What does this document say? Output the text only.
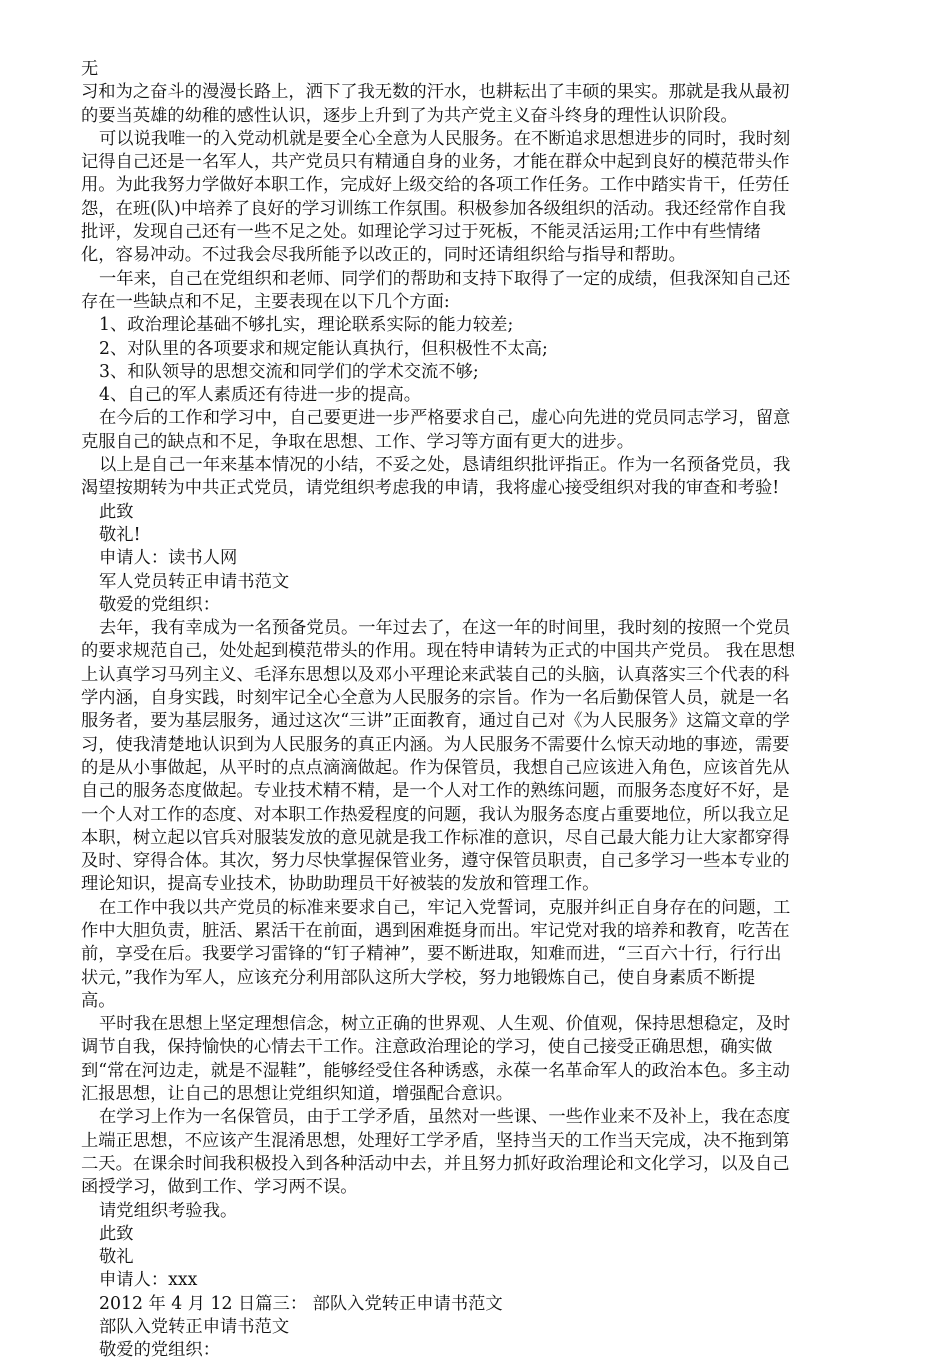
无

习和为之奋斗的漫漫长路上，洒下了我无数的汗水，也耕耘出了丰硕的果实。那就是我从最初

的要当英雄的幼稚的感性认识，逐步上升到了为共产党主义奋斗终身的理性认识阶段。

可以说我唯一的入党动机就是要全心全意为人民服务。在不断追求思想进步的同时，我时刻

记得自己还是一名军人，共产党员只有精通自身的业务，才能在群众中起到良好的模范带头作

用。为此我努力学做好本职工作，完成好上级交给的各项工作任务。工作中踏实肯干，任劳任

怨，在班(队)中培养了良好的学习训练工作氛围。积极参加各级组织的活动。我还经常作自我

批评，发现自己还有一些不足之处。如理论学习过于死板，不能灵活运用;工作中有些情绪

化，容易冲动。不过我会尽我所能予以改正的，同时还请组织给与指导和帮助。

一年来，自己在党组织和老师、同学们的帮助和支持下取得了一定的成绩，但我深知自己还

存在一些缺点和不足，主要表现在以下几个方面:

1、政治理论基础不够扎实，理论联系实际的能力较差;

2、对队里的各项要求和规定能认真执行，但积极性不太高;

3、和队领导的思想交流和同学们的学术交流不够;

4、自己的军人素质还有待进一步的提高。

在今后的工作和学习中，自己要更进一步严格要求自己，虚心向先进的党员同志学习，留意

克服自己的缺点和不足，争取在思想、工作、学习等方面有更大的进步。

以上是自己一年来基本情况的小结，不妥之处，恳请组织批评指正。作为一名预备党员，我

渴望按期转为中共正式党员，请党组织考虑我的申请，我将虚心接受组织对我的审查和考验!

此致

敬礼!

申请人：读书人网

军人党员转正申请书范文

敬爱的党组织：

去年，我有幸成为一名预备党员。一年过去了，在这一年的时间里，我时刻的按照一个党员

的要求规范自己，处处起到模范带头的作用。现在特申请转为正式的中国共产党员。 我在思想

上认真学习马列主义、毛泽东思想以及邓小平理论来武装自己的头脑，认真落实三个代表的科

学内涵，自身实践，时刻牢记全心全意为人民服务的宗旨。作为一名后勤保管人员，就是一名

服务者，要为基层服务，通过这次“三讲”正面教育，通过自己对《为人民服务》这篇文章的学

习，使我清楚地认识到为人民服务的真正内涵。为人民服务不需要什么惊天动地的事迹，需要

的是从小事做起，从平时的点点滴滴做起。作为保管员，我想自己应该进入角色，应该首先从

自己的服务态度做起。专业技术精不精，是一个人对工作的熟练问题，而服务态度好不好，是

一个人对工作的态度、对本职工作热爱程度的问题，我认为服务态度占重要地位，所以我立足

本职，树立起以官兵对服装发放的意见就是我工作标准的意识，尽自己最大能力让大家都穿得

及时、穿得合体。其次，努力尽快掌握保管业务，遵守保管员职责，自己多学习一些本专业的

理论知识，提高专业技术，协助助理员干好被装的发放和管理工作。

在工作中我以共产党员的标准来要求自己，牢记入党誓词，克服并纠正自身存在的问题，工

作中大胆负责，脏活、累活干在前面，遇到困难挺身而出。牢记党对我的培养和教育，吃苦在

前，享受在后。我要学习雷锋的“钉子精神”，要不断进取，知难而进，“三百六十行，行行出

状元，”我作为军人，应该充分利用部队这所大学校，努力地锻炼自己，使自身素质不断提

高。

平时我在思想上坚定理想信念，树立正确的世界观、人生观、价值观，保持思想稳定，及时

调节自我，保持愉快的心情去干工作。注意政治理论的学习，使自己接受正确思想，确实做

到“常在河边走，就是不湿鞋”，能够经受住各种诱惑，永葆一名革命军人的政治本色。多主动

汇报思想，让自己的思想让党组织知道，增强配合意识。

在学习上作为一名保管员，由于工学矛盾，虽然对一些课、一些作业来不及补上，我在态度

上端正思想，不应该产生混淆思想，处理好工学矛盾，坚持当天的工作当天完成，决不拖到第

二天。在课余时间我积极投入到各种活动中去，并且努力抓好政治理论和文化学习，以及自己

函授学习，做到工作、学习两不误。

请党组织考验我。

此致

敬礼

申请人：xxx

2012 年 4 月 12 日篇三： 部队入党转正申请书范文

部队入党转正申请书范文

敬爱的党组织：
